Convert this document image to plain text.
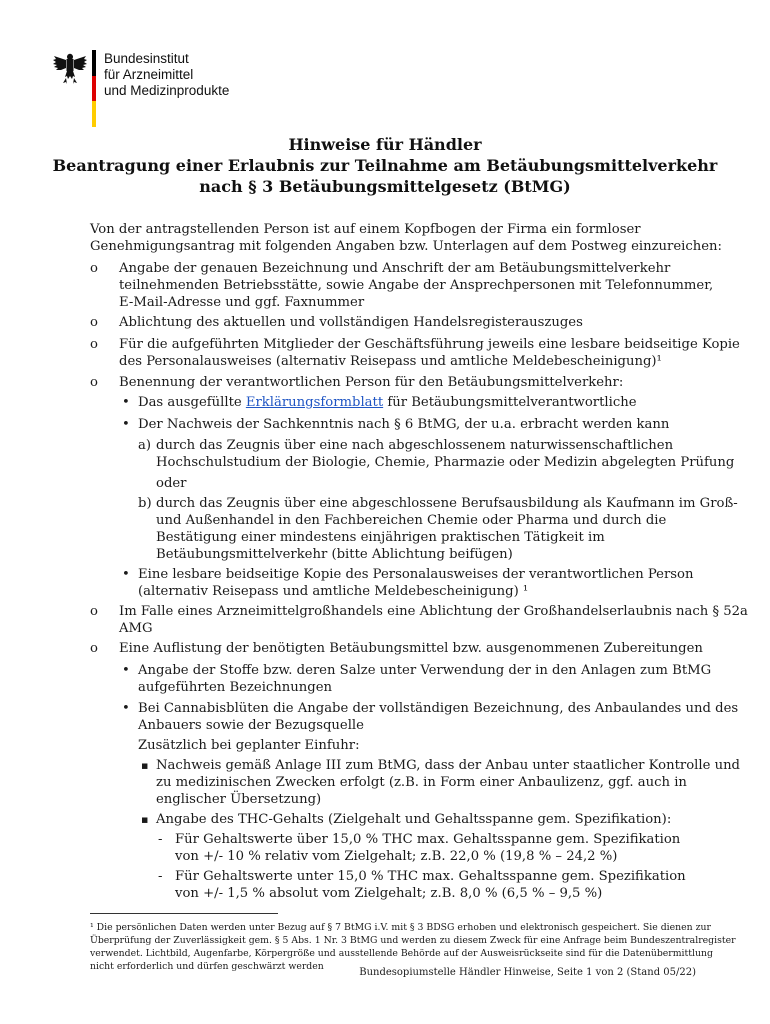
Bundesinstitut
für Arzneimittel
und Medizinprodukte
Hinweise für Händler
Beantragung einer Erlaubnis zur Teilnahme am Betäubungsmittelverkehr
nach § 3 Betäubungsmittelgesetz (BtMG)
Von der antragstellenden Person ist auf einem Kopfbogen der Firma ein formloser
Genehmigungsantrag mit folgenden Angaben bzw. Unterlagen auf dem Postweg einzureichen:
o Angabe der genauen Bezeichnung und Anschrift der am Betäubungsmittelverkehr
teilnehmenden Betriebsstätte, sowie Angabe der Ansprechpersonen mit Telefonnummer,
E-Mail-Adresse und ggf. Faxnummer
o Ablichtung des aktuellen und vollständigen Handelsregisterauszuges
o Für die aufgeführten Mitglieder der Geschäftsführung jeweils eine lesbare beidseitige Kopie
des Personalausweises (alternativ Reisepass und amtliche Meldebescheinigung)¹
o Benennung der verantwortlichen Person für den Betäubungsmittelverkehr:
• Das ausgefüllte Erklärungsformblatt für Betäubungsmittelverantwortliche
• Der Nachweis der Sachkenntnis nach § 6 BtMG, der u.a. erbracht werden kann
a) durch das Zeugnis über eine nach abgeschlossenem naturwissenschaftlichen
Hochschulstudium der Biologie, Chemie, Pharmazie oder Medizin abgelegten Prüfung
oder
b) durch das Zeugnis über eine abgeschlossene Berufsausbildung als Kaufmann im Groß-
und Außenhandel in den Fachbereichen Chemie oder Pharma und durch die
Bestätigung einer mindestens einjährigen praktischen Tätigkeit im
Betäubungsmittelverkehr (bitte Ablichtung beifügen)
• Eine lesbare beidseitige Kopie des Personalausweises der verantwortlichen Person
(alternativ Reisepass und amtliche Meldebescheinigung) ¹
o Im Falle eines Arzneimittelgroßhandels eine Ablichtung der Großhandelserlaubnis nach § 52a
AMG
o Eine Auflistung der benötigten Betäubungsmittel bzw. ausgenommenen Zubereitungen
• Angabe der Stoffe bzw. deren Salze unter Verwendung der in den Anlagen zum BtMG
aufgeführten Bezeichnungen
• Bei Cannabisblüten die Angabe der vollständigen Bezeichnung, des Anbaulandes und des
Anbauers sowie der Bezugsquelle
Zusätzlich bei geplanter Einfuhr:
▪ Nachweis gemäß Anlage III zum BtMG, dass der Anbau unter staatlicher Kontrolle und
zu medizinischen Zwecken erfolgt (z.B. in Form einer Anbaulizenz, ggf. auch in
englischer Übersetzung)
▪ Angabe des THC-Gehalts (Zielgehalt und Gehaltsspanne gem. Spezifikation):
- Für Gehaltswerte über 15,0 % THC max. Gehaltsspanne gem. Spezifikation
von +/- 10 % relativ vom Zielgehalt; z.B. 22,0 % (19,8 % – 24,2 %)
- Für Gehaltswerte unter 15,0 % THC max. Gehaltsspanne gem. Spezifikation
von +/- 1,5 % absolut vom Zielgehalt; z.B. 8,0 % (6,5 % – 9,5 %)
¹ Die persönlichen Daten werden unter Bezug auf § 7 BtMG i.V. mit § 3 BDSG erhoben und elektronisch gespeichert. Sie dienen zur
Überprüfung der Zuverlässigkeit gem. § 5 Abs. 1 Nr. 3 BtMG und werden zu diesem Zweck für eine Anfrage beim Bundeszentralregister
verwendet. Lichtbild, Augenfarbe, Körpergröße und ausstellende Behörde auf der Ausweisrückseite sind für die Datenübermittlung
nicht erforderlich und dürfen geschwärzt werden
Bundesopiumstelle Händler Hinweise, Seite 1 von 2 (Stand 05/22)
